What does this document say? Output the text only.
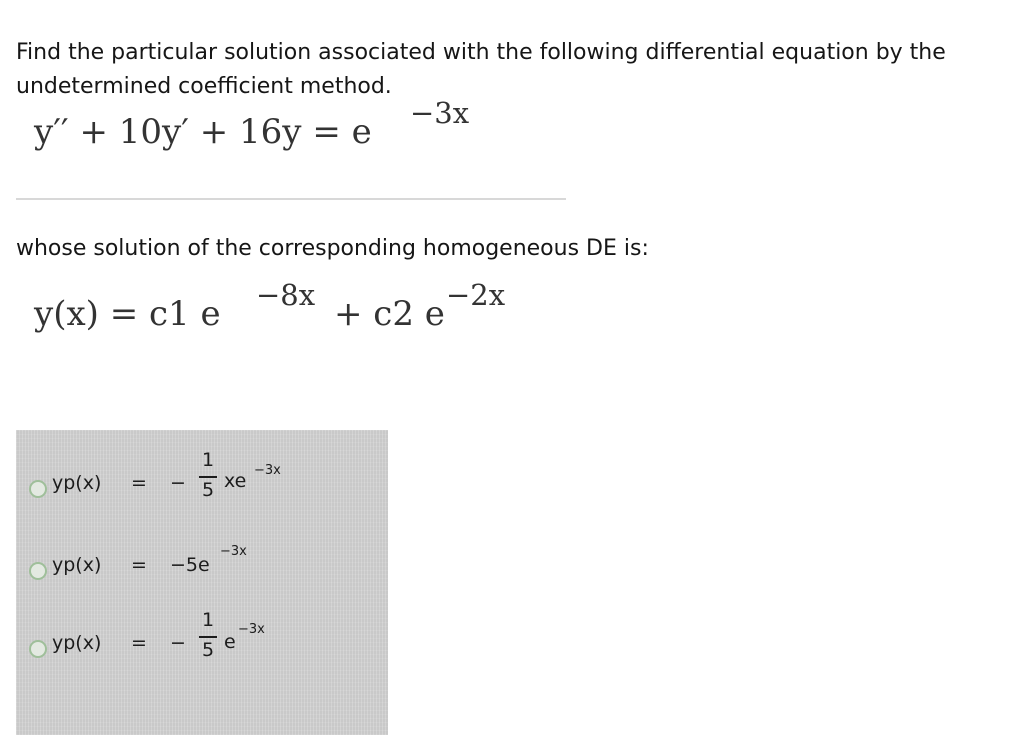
Find the particular solution associated with the following differential equation by the undetermined coefficient method.
y′′ + 10y′ + 16y = e −3x
whose solution of the corresponding homogeneous DE is:
y(x) = c1 e −8x + c2 e −2x
yp(x) = −
1
5 xe −3x
yp(x) = −5e
−3x
yp(x) = −
1
5 e
−3x
